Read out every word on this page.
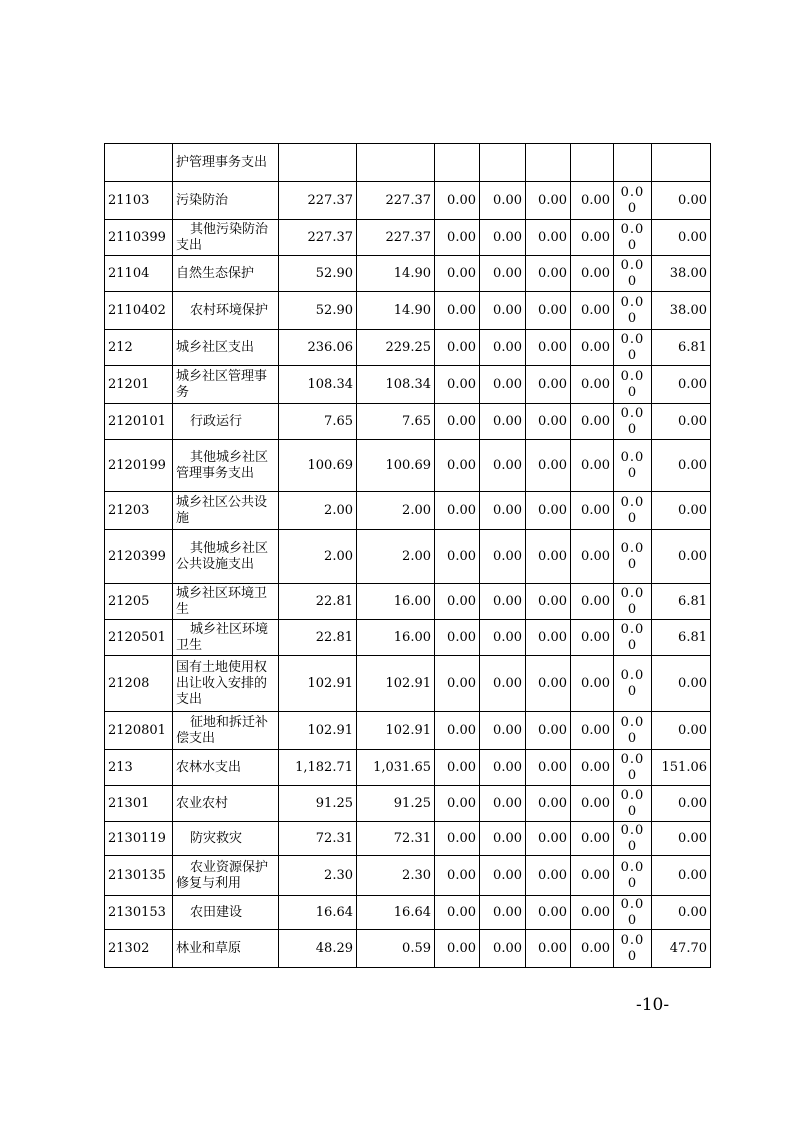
	护管理事务支出							

21103	污染防治	227.37	227.37	0.00	0.00	0.00	0.00	0.00	0.00
2110399	其他污染防治支出	227.37	227.37	0.00	0.00	0.00	0.00	0.00	0.00
21104	自然生态保护	52.90	14.90	0.00	0.00	0.00	0.00	0.00	38.00
2110402	农村环境保护	52.90	14.90	0.00	0.00	0.00	0.00	0.00	38.00
212	城乡社区支出	236.06	229.25	0.00	0.00	0.00	0.00	0.00	6.81
21201	城乡社区管理事务	108.34	108.34	0.00	0.00	0.00	0.00	0.00	0.00
2120101	行政运行	7.65	7.65	0.00	0.00	0.00	0.00	0.00	0.00
2120199	其他城乡社区管理事务支出	100.69	100.69	0.00	0.00	0.00	0.00	0.00	0.00
21203	城乡社区公共设施	2.00	2.00	0.00	0.00	0.00	0.00	0.00	0.00
2120399	其他城乡社区公共设施支出	2.00	2.00	0.00	0.00	0.00	0.00	0.00	0.00
21205	城乡社区环境卫生	22.81	16.00	0.00	0.00	0.00	0.00	0.00	6.81
2120501	城乡社区环境卫生	22.81	16.00	0.00	0.00	0.00	0.00	0.00	6.81
21208	国有土地使用权出让收入安排的支出	102.91	102.91	0.00	0.00	0.00	0.00	0.00	0.00
2120801	征地和拆迁补偿支出	102.91	102.91	0.00	0.00	0.00	0.00	0.00	0.00
213	农林水支出	1,182.71	1,031.65	0.00	0.00	0.00	0.00	0.00	151.06
21301	农业农村	91.25	91.25	0.00	0.00	0.00	0.00	0.00	0.00
2130119	防灾救灾	72.31	72.31	0.00	0.00	0.00	0.00	0.00	0.00
2130135	农业资源保护修复与利用	2.30	2.30	0.00	0.00	0.00	0.00	0.00	0.00
2130153	农田建设	16.64	16.64	0.00	0.00	0.00	0.00	0.00	0.00
21302	林业和草原	48.29	0.59	0.00	0.00	0.00	0.00	0.00	47.70
-10-
